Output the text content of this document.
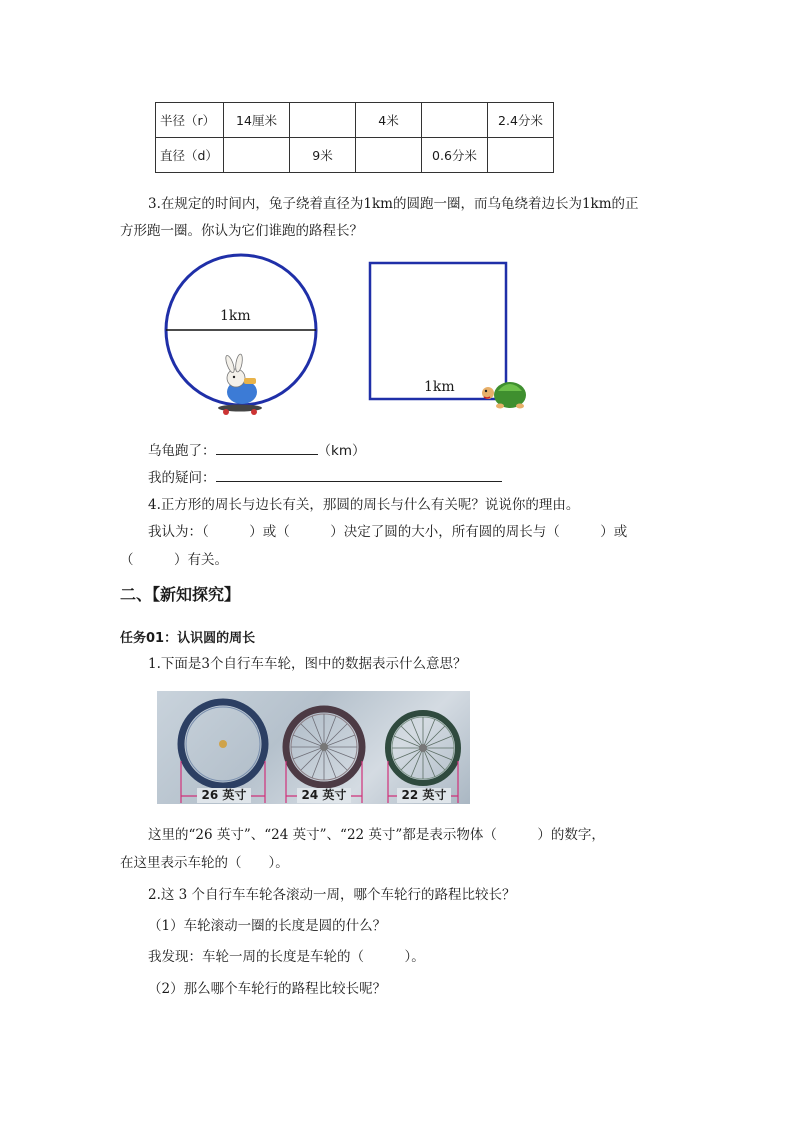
半径（r）	14厘米		4米		2.4分米
直径（d）		9米		0.6分米	
3.在规定的时间内，兔子绕着直径为1km的圆跑一圈，而乌龟绕着边长为1km的正
方形跑一圈。你认为它们谁跑的路程长？
1km
1km
乌龟跑了：	（km）
我的疑问：
4.正方形的周长与边长有关，那圆的周长与什么有关呢？说说你的理由。
我认为：（　　　）或（　　　）决定了圆的大小，所有圆的周长与（　　　）或
（　　　）有关。
二、【新知探究】
任务01：认识圆的周长
1.下面是3个自行车车轮，图中的数据表示什么意思？
26 英寸	24 英寸	22 英寸
这里的“26 英寸”、“24 英寸”、“22 英寸”都是表示物体（　　　）的数字，
在这里表示车轮的（　　）。
2.这 3 个自行车车轮各滚动一周，哪个车轮行的路程比较长？
（1）车轮滚动一圈的长度是圆的什么？
我发现：车轮一周的长度是车轮的（　　　）。
（2）那么哪个车轮行的路程比较长呢？
